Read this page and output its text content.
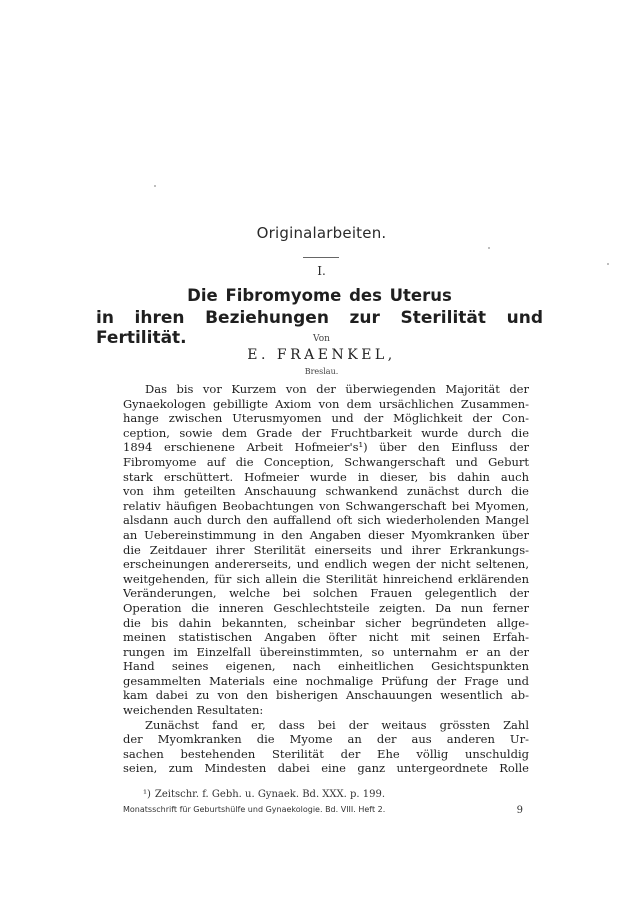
Originalarbeiten.
I.
Die Fibromyome des Uterus
in ihren Beziehungen zur Sterilität und Fertilität.	Von
E. FRAENKEL,
Breslau.
Das bis vor Kurzem von der überwiegenden Majorität der
Gynaekologen gebilligte Axiom von dem ursächlichen Zusammen-
hange zwischen Uterusmyomen und der Möglichkeit der Con-
ception, sowie dem Grade der Fruchtbarkeit wurde durch die
1894 erschienene Arbeit Hofmeier's¹) über den Einfluss der
Fibromyome auf die Conception, Schwangerschaft und Geburt
stark erschüttert. Hofmeier wurde in dieser, bis dahin auch
von ihm geteilten Anschauung schwankend zunächst durch die
relativ häufigen Beobachtungen von Schwangerschaft bei Myomen,
alsdann auch durch den auffallend oft sich wiederholenden Mangel
an Uebereinstimmung in den Angaben dieser Myomkranken über
die Zeitdauer ihrer Sterilität einerseits und ihrer Erkrankungs-
erscheinungen andererseits, und endlich wegen der nicht seltenen,
weitgehenden, für sich allein die Sterilität hinreichend erklärenden
Veränderungen, welche bei solchen Frauen gelegentlich der
Operation die inneren Geschlechtsteile zeigten. Da nun ferner
die bis dahin bekannten, scheinbar sicher begründeten allge-
meinen statistischen Angaben öfter nicht mit seinen Erfah-
rungen im Einzelfall übereinstimmten, so unternahm er an der
Hand seines eigenen, nach einheitlichen Gesichtspunkten
gesammelten Materials eine nochmalige Prüfung der Frage und
kam dabei zu von den bisherigen Anschauungen wesentlich ab-
weichenden Resultaten:
Zunächst fand er, dass bei der weitaus grössten Zahl
der Myomkranken die Myome an der aus anderen Ur-
sachen bestehenden Sterilität der Ehe völlig unschuldig
seien, zum Mindesten dabei eine ganz untergeordnete Rolle
¹) Zeitschr. f. Gebh. u. Gynaek. Bd. XXX. p. 199.
Monatsschrift für Geburtshülfe und Gynaekologie. Bd. VIII. Heft 2.	9
